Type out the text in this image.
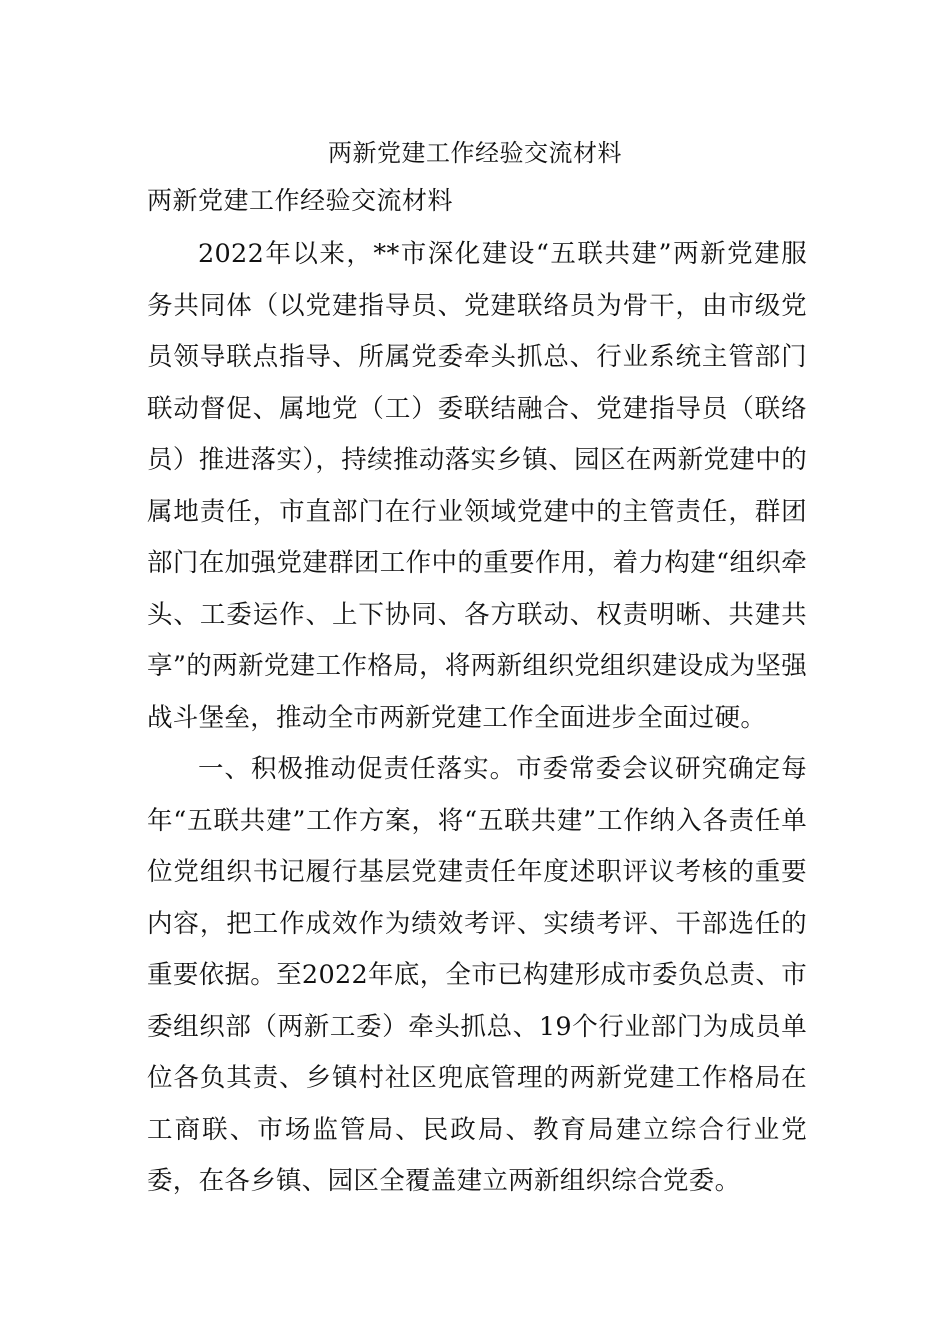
两新党建工作经验交流材料
两新党建工作经验交流材料

2022年以来，**市深化建设“五联共建”两新党建服务共同体（以党建指导员、党建联络员为骨干，由市级党员领导联点指导、所属党委牵头抓总、行业系统主管部门联动督促、属地党（工）委联结融合、党建指导员（联络员）推进落实），持续推动落实乡镇、园区在两新党建中的属地责任，市直部门在行业领域党建中的主管责任，群团部门在加强党建群团工作中的重要作用，着力构建“组织牵头、工委运作、上下协同、各方联动、权责明晰、共建共享”的两新党建工作格局，将两新组织党组织建设成为坚强战斗堡垒，推动全市两新党建工作全面进步全面过硬。

一、积极推动促责任落实。市委常委会议研究确定每年“五联共建”工作方案，将“五联共建”工作纳入各责任单位党组织书记履行基层党建责任年度述职评议考核的重要内容，把工作成效作为绩效考评、实绩考评、干部选任的重要依据。至2022年底，全市已构建形成市委负总责、市委组织部（两新工委）牵头抓总、19个行业部门为成员单位各负其责、乡镇村社区兜底管理的两新党建工作格局在工商联、市场监管局、民政局、教育局建立综合行业党委，在各乡镇、园区全覆盖建立两新组织综合党委。
